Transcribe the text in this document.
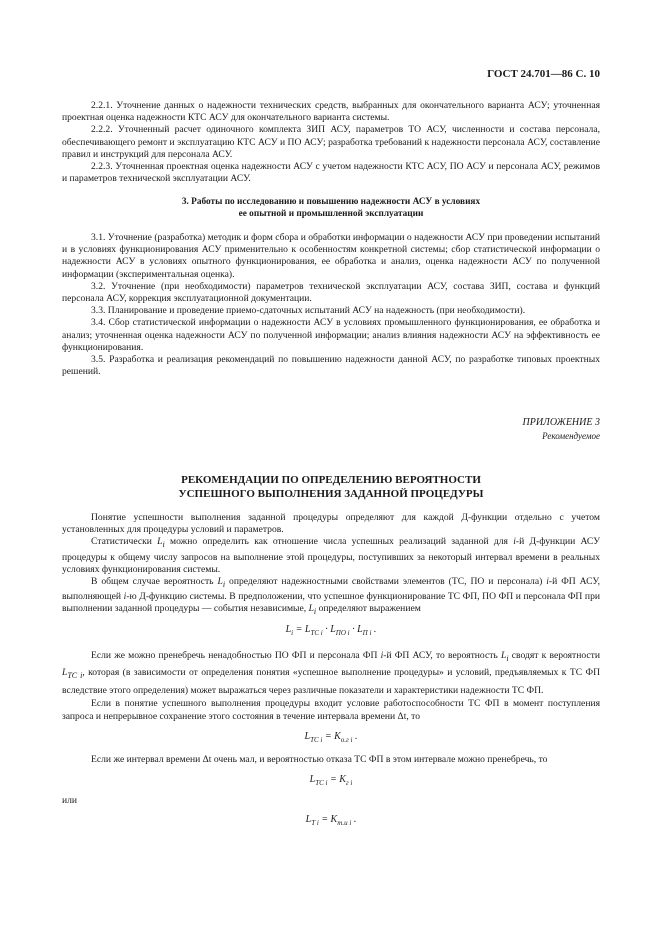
ГОСТ 24.701—86 С. 10

2.2.1. Уточнение данных о надежности технических средств, выбранных для окончательного варианта АСУ; уточненная проектная оценка надежности КТС АСУ для окончательного варианта системы.

2.2.2. Уточненный расчет одиночного комплекта ЗИП АСУ, параметров ТО АСУ, численности и состава персонала, обеспечивающего ремонт и эксплуатацию КТС АСУ и ПО АСУ; разработка требований к надежности персонала АСУ, составление правил и инструкций для персонала АСУ.

2.2.3. Уточненная проектная оценка надежности АСУ с учетом надежности КТС АСУ, ПО АСУ и персонала АСУ, режимов и параметров технической эксплуатации АСУ.

3. Работы по исследованию и повышению надежности АСУ в условиях
ее опытной и промышленной эксплуатации

3.1. Уточнение (разработка) методик и форм сбора и обработки информации о надежности АСУ при проведении испытаний и в условиях функционирования АСУ применительно к особенностям конкретной системы; сбор статистической информации о надежности АСУ в условиях опытного функционирования, ее обработка и анализ, оценка надежности АСУ по полученной информации (экспериментальная оценка).

3.2. Уточнение (при необходимости) параметров технической эксплуатации АСУ, состава ЗИП, состава и функций персонала АСУ, коррекция эксплуатационной документации.

3.3. Планирование и проведение приемо-сдаточных испытаний АСУ на надежность (при необходимости).

3.4. Сбор статистической информации о надежности АСУ в условиях промышленного функционирования, ее обработка и анализ; уточненная оценка надежности АСУ по полученной информации; анализ влияния надежности АСУ на эффективность ее функционирования.

3.5. Разработка и реализация рекомендаций по повышению надежности данной АСУ, по разработке типовых проектных решений.

ПРИЛОЖЕНИЕ 3
Рекомендуемое
РЕКОМЕНДАЦИИ ПО ОПРЕДЕЛЕНИЮ ВЕРОЯТНОСТИ
УСПЕШНОГО ВЫПОЛНЕНИЯ ЗАДАННОЙ ПРОЦЕДУРЫ

Понятие успешности выполнения заданной процедуры определяют для каждой Д-функции отдельно с учетом установленных для процедуры условий и параметров.

Статистически $L_i$ можно определить как отношение числа успешных реализаций заданной для i-й Д-функции АСУ процедуры к общему числу запросов на выполнение этой процедуры, поступивших за некоторый интервал времени в реальных условиях функционирования системы.

В общем случае вероятность $L_i$ определяют надежностными свойствами элементов (ТС, ПО и персонала) i-й ФП АСУ, выполняющей i-ю Д-функцию системы. В предположении, что успешное функционирование ТС ФП, ПО ФП и персонала ФП при выполнении заданной процедуры — события независимые, $L_i$ определяют выражением

$L_i = L_{ТС i} \cdot L_{ПО i} \cdot L_{П i}$ .

Если же можно пренебречь ненадобностью ПО ФП и персонала ФП i-й ФП АСУ, то вероятность $L_i$ сводят к вероятности $L_{ТС i}$, которая (в зависимости от определения понятия «успешное выполнение процедуры» и условий, предъявляемых к ТС ФП вследствие этого определения) может выражаться через различные показатели и характеристики надежности ТС ФП.

Если в понятие успешного выполнения процедуры входит условие работоспособности ТС ФП в момент поступления запроса и непрерывное сохранение этого состояния в течение интервала времени Δt, то

$L_{ТС i} = K_{о.г i}$ .

Если же интервал времени Δt очень мал, и вероятностью отказа ТС ФП в этом интервале можно пренебречь, то

$L_{ТС i} = K_{г i}$

или

$L_{Т i} = K_{т.и i}$ .
